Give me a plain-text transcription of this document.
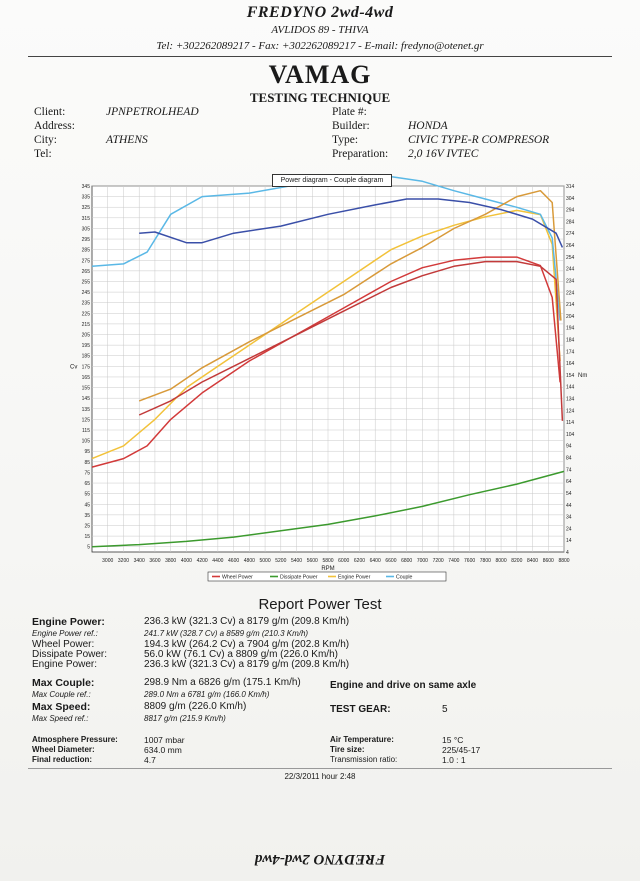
FREDYNO 2wd-4wd
AVLIDOS 89 - THIVA
Tel: +302262089217 - Fax: +302262089217 - E-mail: fredyno@otenet.gr
VAMAG
TESTING TECHNIQUE
Client:	JPNPETROLHEAD
Address:
City:	ATHENS
Tel:
Plate #:
Builder:	HONDA
Type:	CIVIC TYPE-R COMPRESOR
Preparation: 2,0 16V IVTEC
3000 3200 3400 3600 3800 4000 4200 4400 4600 4800 5000 5200 5400 5600 5800 6000 6200 6400 6600 6800 7000 7200 7400 7600 7800 8000 8200 8400 8600 8800
5
15
25
35
45
55
65
75
85
95
105
115
125
135
145
155
165
175
185
195
205
215
225
235
245
255
265
275
285
295
305
315
325
335
345
4
14
24
34
44
54
64
74
84
94
104
114
124
134
144
154
164
174
184
194
204
214
224
234
244
254
264
274
284
294
304
314
RPM
Cv
Nm
Wheel Power	Dissipate Power	Engine Power	Couple
Power diagram - Couple diagram
Report Power Test
Engine Power:	236.3 kW (321.3 Cv) a 8179 g/m (209.8 Km/h)
Engine Power ref.:	241.7 kW (328.7 Cv) a 8589 g/m (210.3 Km/h)
Wheel Power:	194.3 kW (264.2 Cv) a 7904 g/m (202.8 Km/h)
Dissipate Power:	56.0 kW (76.1 Cv) a 8809 g/m (226.0 Km/h)
Engine Power:	236.3 kW (321.3 Cv) a 8179 g/m (209.8 Km/h)
Max Couple:	298.9 Nm a 6826 g/m (175.1 Km/h)
Max Couple ref.:	289.0 Nm a 6781 g/m (166.0 Km/h)
Max Speed:	8809 g/m (226.0 Km/h)
Max Speed ref.:	8817 g/m (215.9 Km/h)
Engine and drive on same axle
TEST GEAR:	5
Atmosphere Pressure:	1007 mbar
Wheel Diameter:	634.0 mm
Final reduction:	4.7
Air Temperature:	15 °C
Tire size:	225/45-17
Transmission ratio:	1.0 : 1
22/3/2011 hour 2:48
FREDYNO 2wd-4wd
